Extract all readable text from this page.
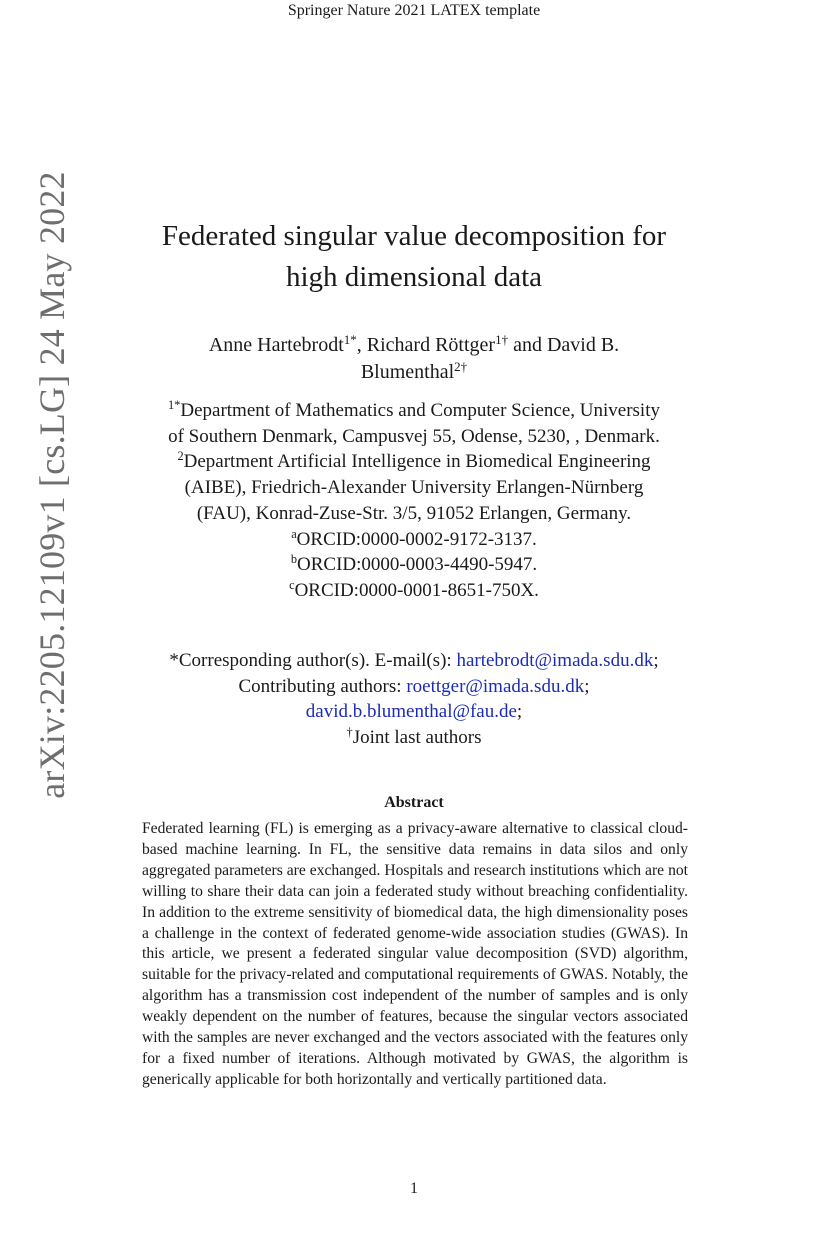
Springer Nature 2021 LATEX template
arXiv:2205.12109v1 [cs.LG] 24 May 2022	Federated singular value decomposition for
high dimensional data
Anne Hartebrodt$^{1*}$, Richard Röttger$^{1\dagger}$ and David B.
Blumenthal$^{2\dagger}$
$^{1*}$Department of Mathematics and Computer Science, University
of Southern Denmark, Campusvej 55, Odense, 5230, , Denmark.
$^2$Department Artificial Intelligence in Biomedical Engineering
(AIBE), Friedrich-Alexander University Erlangen-Nürnberg
(FAU), Konrad-Zuse-Str. 3/5, 91052 Erlangen, Germany.
$^a$ORCID:0000-0002-9172-3137.
$^b$ORCID:0000-0003-4490-5947.
$^c$ORCID:0000-0001-8651-750X.
*Corresponding author(s). E-mail(s): hartebrodt@imada.sdu.dk;
Contributing authors: roettger@imada.sdu.dk;
david.b.blumenthal@fau.de;
†Joint last authors
Abstract
Federated learning (FL) is emerging as a privacy-aware alternative to classical cloud-based machine learning. In FL, the sensitive data remains in data silos and only aggregated parameters are exchanged. Hospitals and research institutions which are not willing to share their data can join a federated study without breaching confidentiality. In addition to the extreme sensitivity of biomedical data, the high dimensionality poses a challenge in the context of federated genome-wide association studies (GWAS). In this article, we present a federated singular value decomposition (SVD) algorithm, suitable for the privacy-related and computational requirements of GWAS. Notably, the algorithm has a transmission cost independent of the number of samples and is only weakly dependent on the number of features, because the singular vectors associated with the samples are never exchanged and the vectors associated with the features only for a fixed number of iterations. Although motivated by GWAS, the algorithm is generically applicable for both horizontally and vertically partitioned data.
1
